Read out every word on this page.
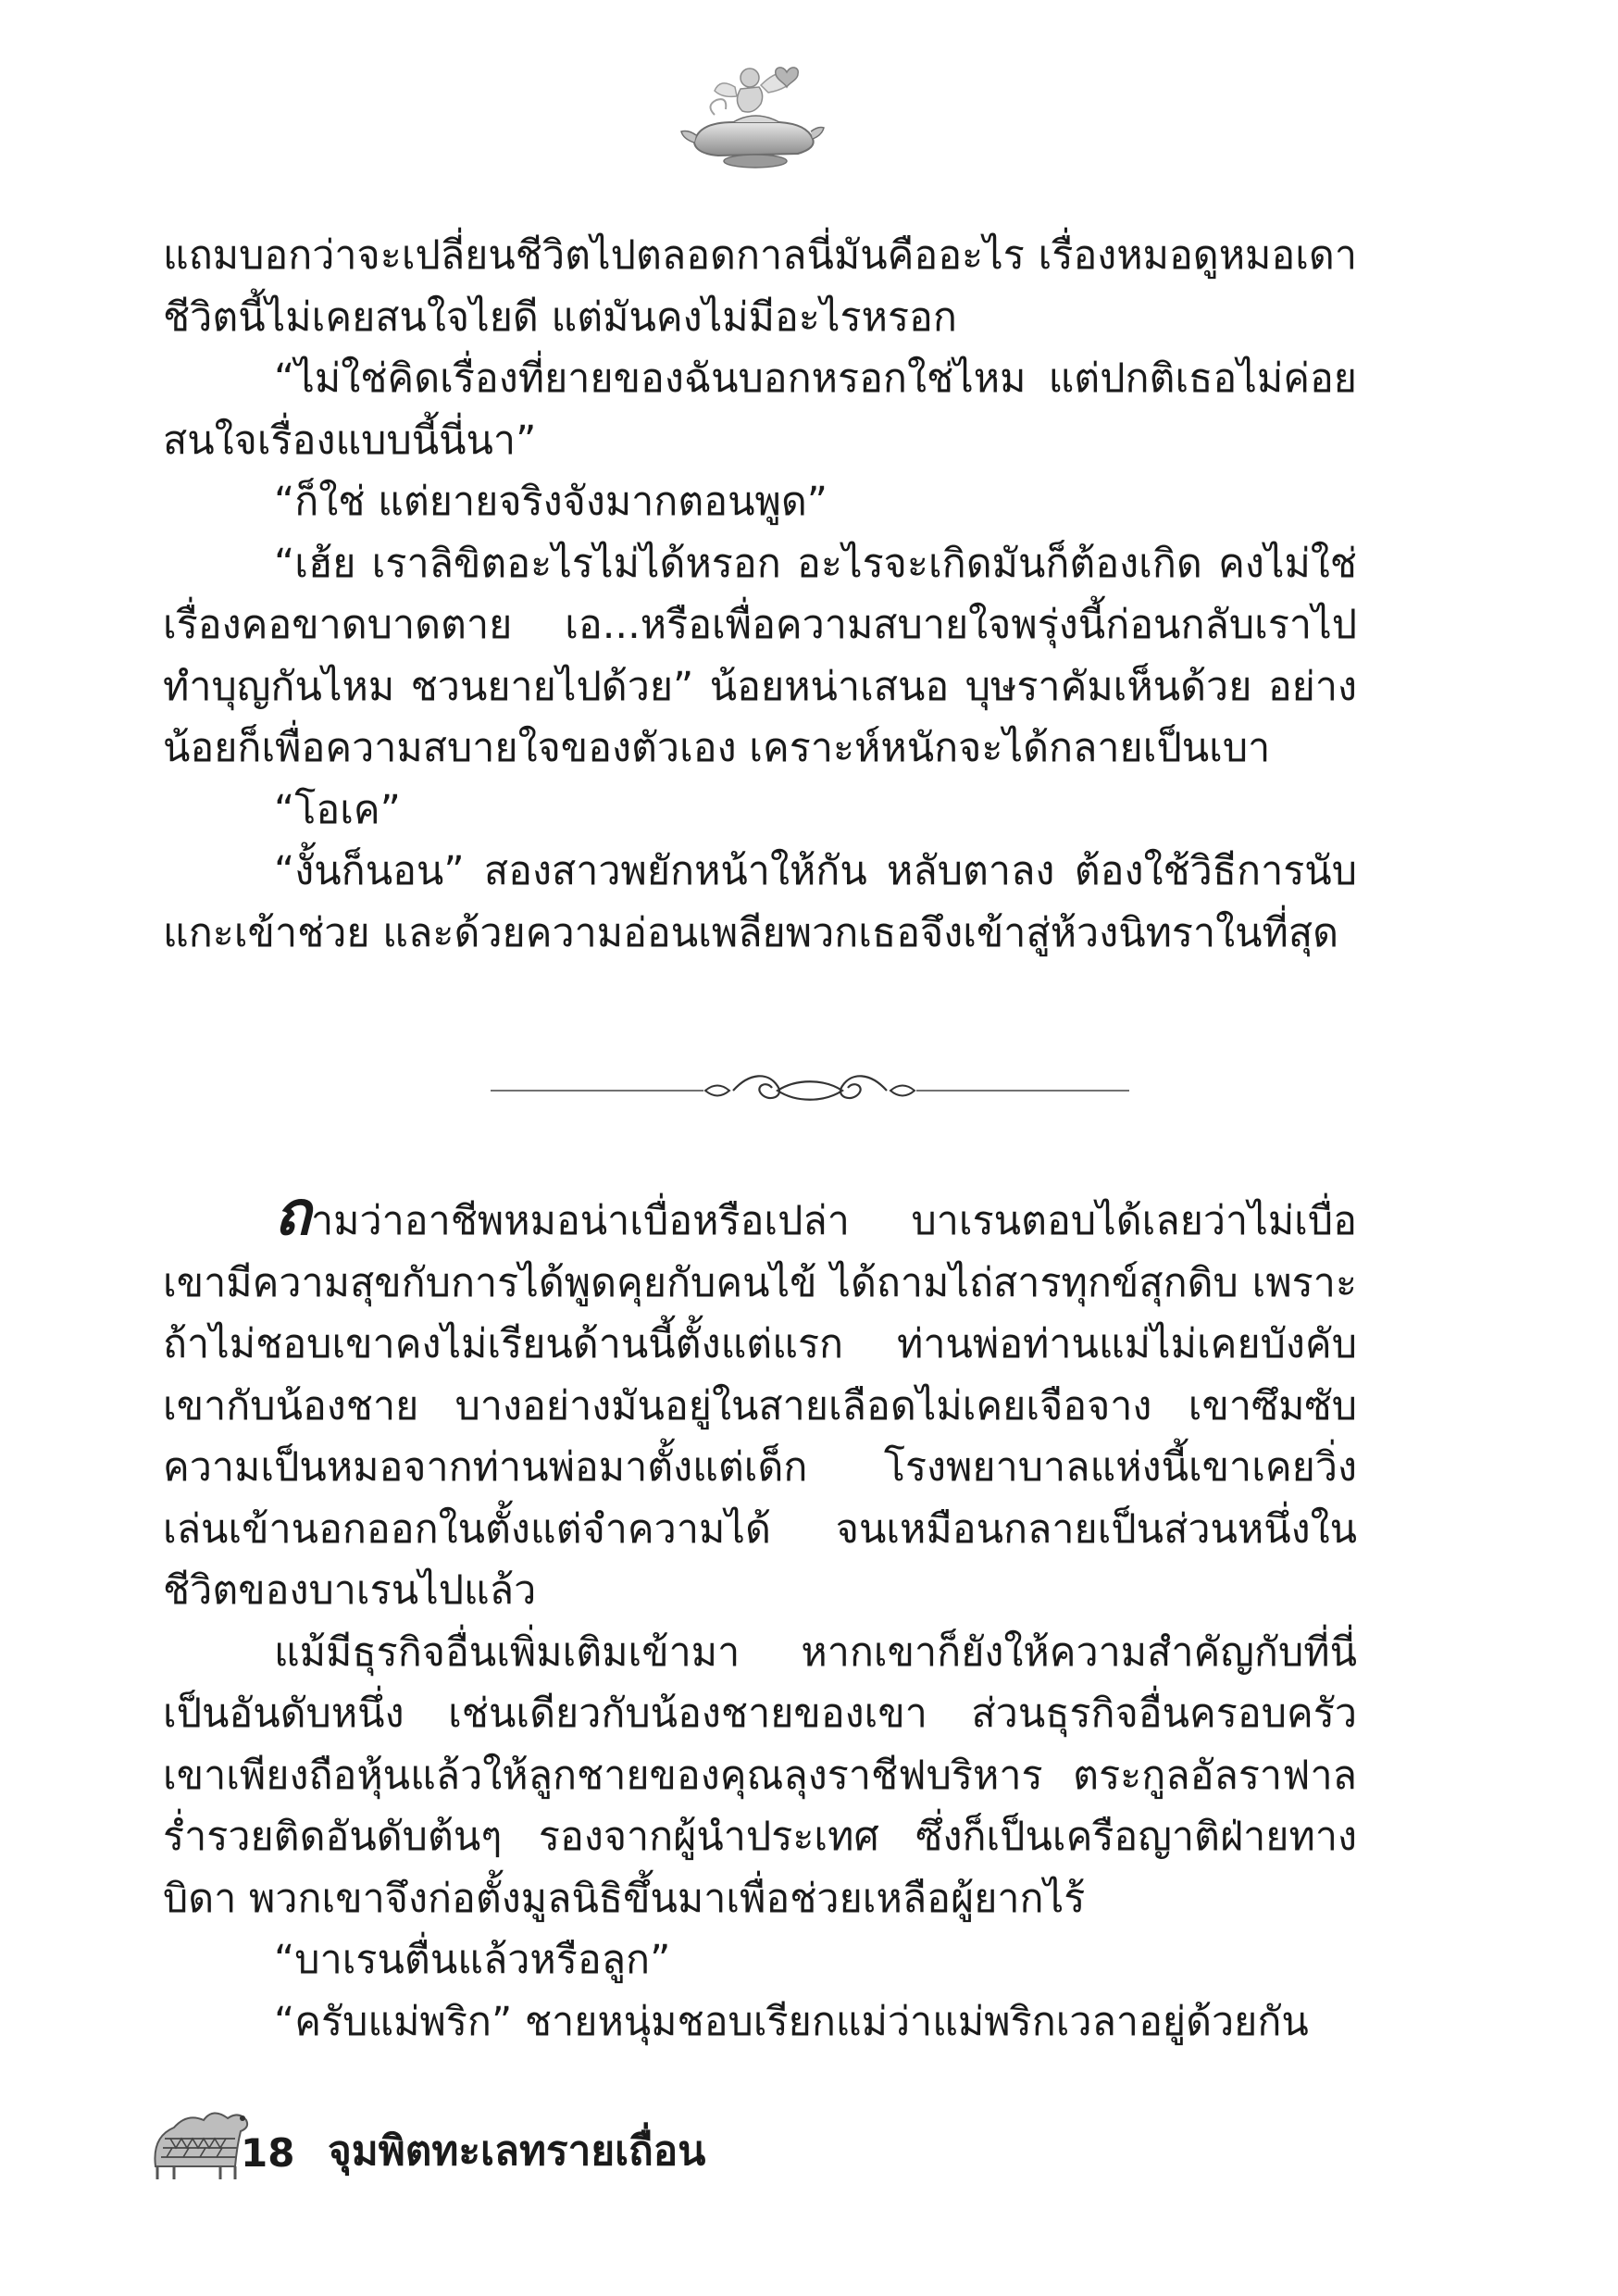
แถมบอกว่าจะเปลี่ยนชีวิตไปตลอดกาลนี่มันคืออะไร เรื่องหมอดูหมอเดาชีวิตนี้ไม่เคยสนใจไยดี แต่มันคงไม่มีอะไรหรอก

“ไม่ใช่คิดเรื่องที่ยายของฉันบอกหรอกใช่ไหม แต่ปกติเธอไม่ค่อยสนใจเรื่องแบบนี้นี่นา”

“ก็ใช่ แต่ยายจริงจังมากตอนพูด”

“เฮ้ย เราลิขิตอะไรไม่ได้หรอก อะไรจะเกิดมันก็ต้องเกิด คงไม่ใช่เรื่องคอขาดบาดตาย เอ...หรือเพื่อความสบายใจพรุ่งนี้ก่อนกลับเราไปทำบุญกันไหม ชวนยายไปด้วย” น้อยหน่าเสนอ บุษราคัมเห็นด้วย อย่างน้อยก็เพื่อความสบายใจของตัวเอง เคราะห์หนักจะได้กลายเป็นเบา

“โอเค”

“งั้นก็นอน” สองสาวพยักหน้าให้กัน หลับตาลง ต้องใช้วิธีการนับแกะเข้าช่วย และด้วยความอ่อนเพลียพวกเธอจึงเข้าสู่ห้วงนิทราในที่สุด

ถามว่าอาชีพหมอน่าเบื่อหรือเปล่า บาเรนตอบได้เลยว่าไม่เบื่อ เขามีความสุขกับการได้พูดคุยกับคนไข้ ได้ถามไถ่สารทุกข์สุกดิบ เพราะถ้าไม่ชอบเขาคงไม่เรียนด้านนี้ตั้งแต่แรก ท่านพ่อท่านแม่ไม่เคยบังคับเขากับน้องชาย บางอย่างมันอยู่ในสายเลือดไม่เคยเจือจาง เขาซึมซับความเป็นหมอจากท่านพ่อมาตั้งแต่เด็ก โรงพยาบาลแห่งนี้เขาเคยวิ่งเล่นเข้านอกออกในตั้งแต่จำความได้ จนเหมือนกลายเป็นส่วนหนึ่งในชีวิตของบาเรนไปแล้ว

แม้มีธุรกิจอื่นเพิ่มเติมเข้ามา หากเขาก็ยังให้ความสำคัญกับที่นี่เป็นอันดับหนึ่ง เช่นเดียวกับน้องชายของเขา ส่วนธุรกิจอื่นครอบครัวเขาเพียงถือหุ้นแล้วให้ลูกชายของคุณลุงราชีฟบริหาร ตระกูลอัลราฟาลร่ำรวยติดอันดับต้นๆ รองจากผู้นำประเทศ ซึ่งก็เป็นเครือญาติฝ่ายทางบิดา พวกเขาจึงก่อตั้งมูลนิธิขึ้นมาเพื่อช่วยเหลือผู้ยากไร้

“บาเรนตื่นแล้วหรือลูก”

“ครับแม่พริก” ชายหนุ่มชอบเรียกแม่ว่าแม่พริกเวลาอยู่ด้วยกัน

18 จุมพิตทะเลทรายเถื่อน
